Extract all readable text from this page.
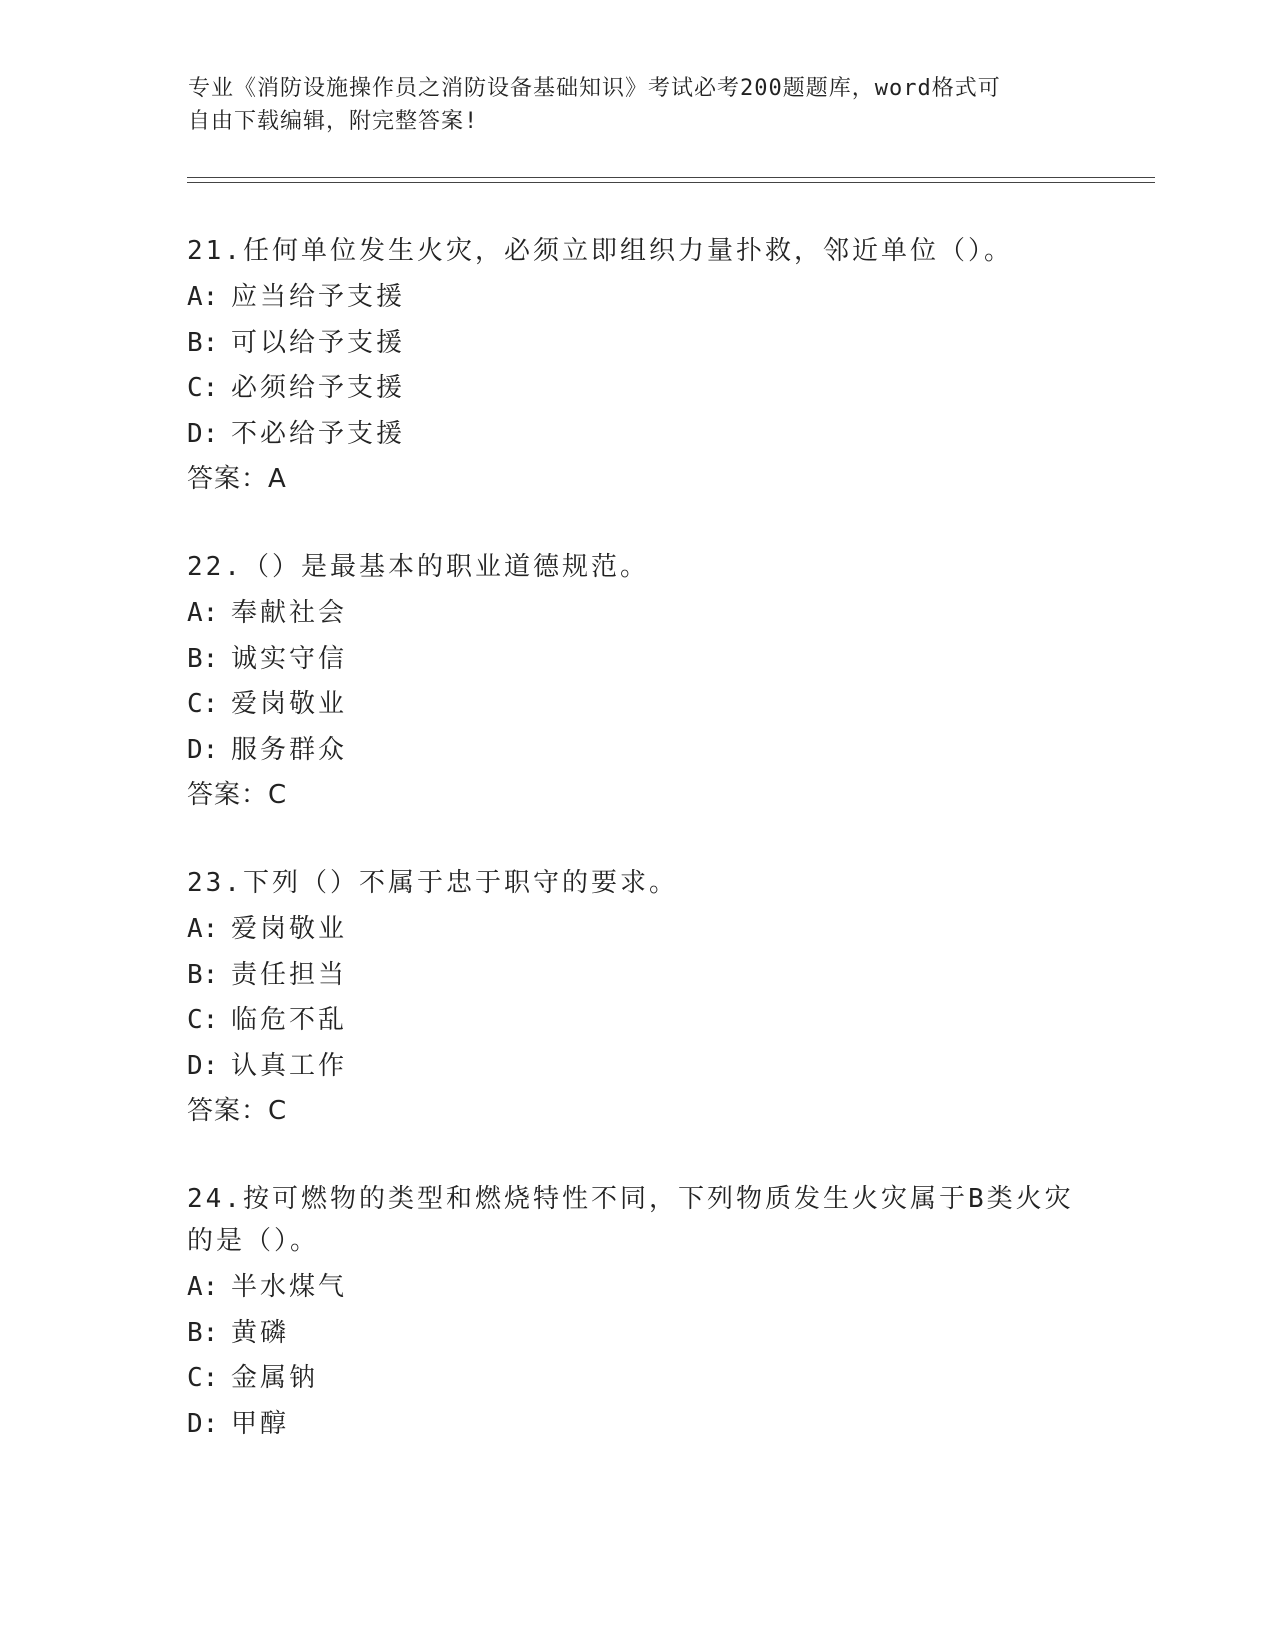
专业《消防设施操作员之消防设备基础知识》考试必考200题题库，word格式可
自由下载编辑，附完整答案!
21.任何单位发生火灾，必须立即组织力量扑救，邻近单位（）。
A: 应当给予支援
B: 可以给予支援
C: 必须给予支援
D: 不必给予支援
答案：A
22.（）是最基本的职业道德规范。
A: 奉献社会
B: 诚实守信
C: 爱岗敬业
D: 服务群众
答案：C
23.下列（）不属于忠于职守的要求。
A: 爱岗敬业
B: 责任担当
C: 临危不乱
D: 认真工作
答案：C
24.按可燃物的类型和燃烧特性不同，下列物质发生火灾属于B类火灾
的是（）。
A: 半水煤气
B: 黄磷
C: 金属钠
D: 甲醇
